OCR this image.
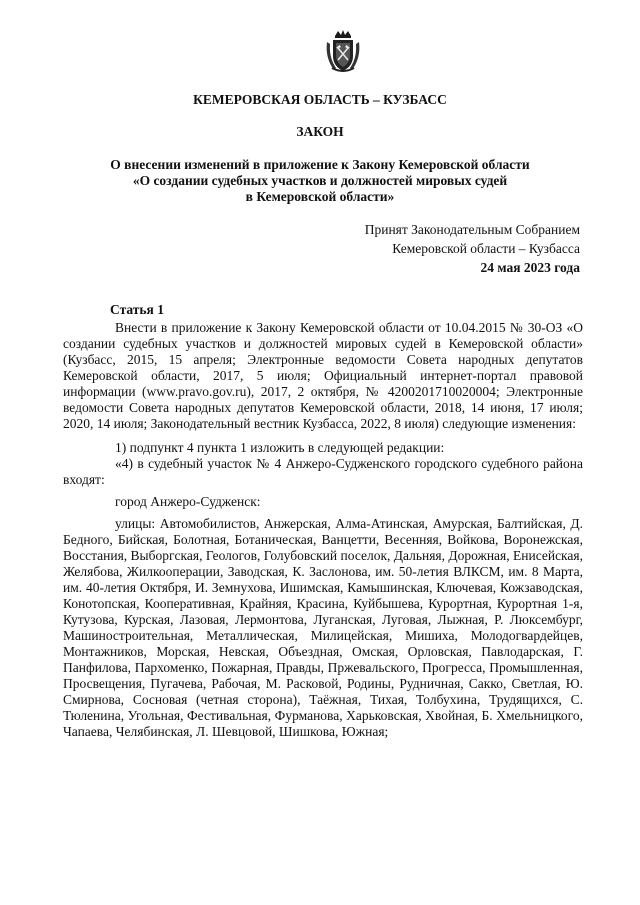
КЕМЕРОВСКАЯ ОБЛАСТЬ – КУЗБАСС
ЗАКОН
О внесении изменений в приложение к Закону Кемеровской области
«О создании судебных участков и должностей мировых судей
в Кемеровской области»
Принят Законодательным Собранием
Кемеровской области – Кузбасса
24 мая 2023 года
Статья 1

Внести в приложение к Закону Кемеровской области от 10.04.2015 № 30-ОЗ «О создании судебных участков и должностей мировых судей в Кемеровской области» (Кузбасс, 2015, 15 апреля; Электронные ведомости Совета народных депутатов Кемеровской области, 2017, 5 июля; Официальный интернет-портал правовой информации (www.pravo.gov.ru), 2017, 2 октября, № 4200201710020004; Электронные ведомости Совета народных депутатов Кемеровской области, 2018, 14 июня, 17 июля; 2020, 14 июля; Законодательный вестник Кузбасса, 2022, 8 июля) следующие изменения:

1) подпункт 4 пункта 1 изложить в следующей редакции:

«4) в судебный участок № 4 Анжеро-Судженского городского судебного района входят:

город Анжеро-Судженск:

улицы: Автомобилистов, Анжерская, Алма-Атинская, Амурская, Балтийская, Д. Бедного, Бийская, Болотная, Ботаническая, Ванцетти, Весенняя, Войкова, Воронежская, Восстания, Выборгская, Геологов, Голубовский поселок, Дальняя, Дорожная, Енисейская, Желябова, Жилкооперации, Заводская, К. Заслонова, им. 50-летия ВЛКСМ, им. 8 Марта, им. 40-летия Октября, И. Земнухова, Ишимская, Камышинская, Ключевая, Кожзаводская, Конотопская, Кооперативная, Крайняя, Красина, Куйбышева, Курортная, Курортная 1-я, Кутузова, Курская, Лазовая, Лермонтова, Луганская, Луговая, Лыжная, Р. Люксембург, Машиностроительная, Металлическая, Милицейская, Мишиха, Молодогвардейцев, Монтажников, Морская, Невская, Объездная, Омская, Орловская, Павлодарская, Г. Панфилова, Пархоменко, Пожарная, Правды, Пржевальского, Прогресса, Промышленная, Просвещения, Пугачева, Рабочая, М. Расковой, Родины, Рудничная, Сакко, Светлая, Ю. Смирнова, Сосновая (четная сторона), Таёжная, Тихая, Толбухина, Трудящихся, С. Тюленина, Угольная, Фестивальная, Фурманова, Харьковская, Хвойная, Б. Хмельницкого, Чапаева, Челябинская, Л. Шевцовой, Шишкова, Южная;
